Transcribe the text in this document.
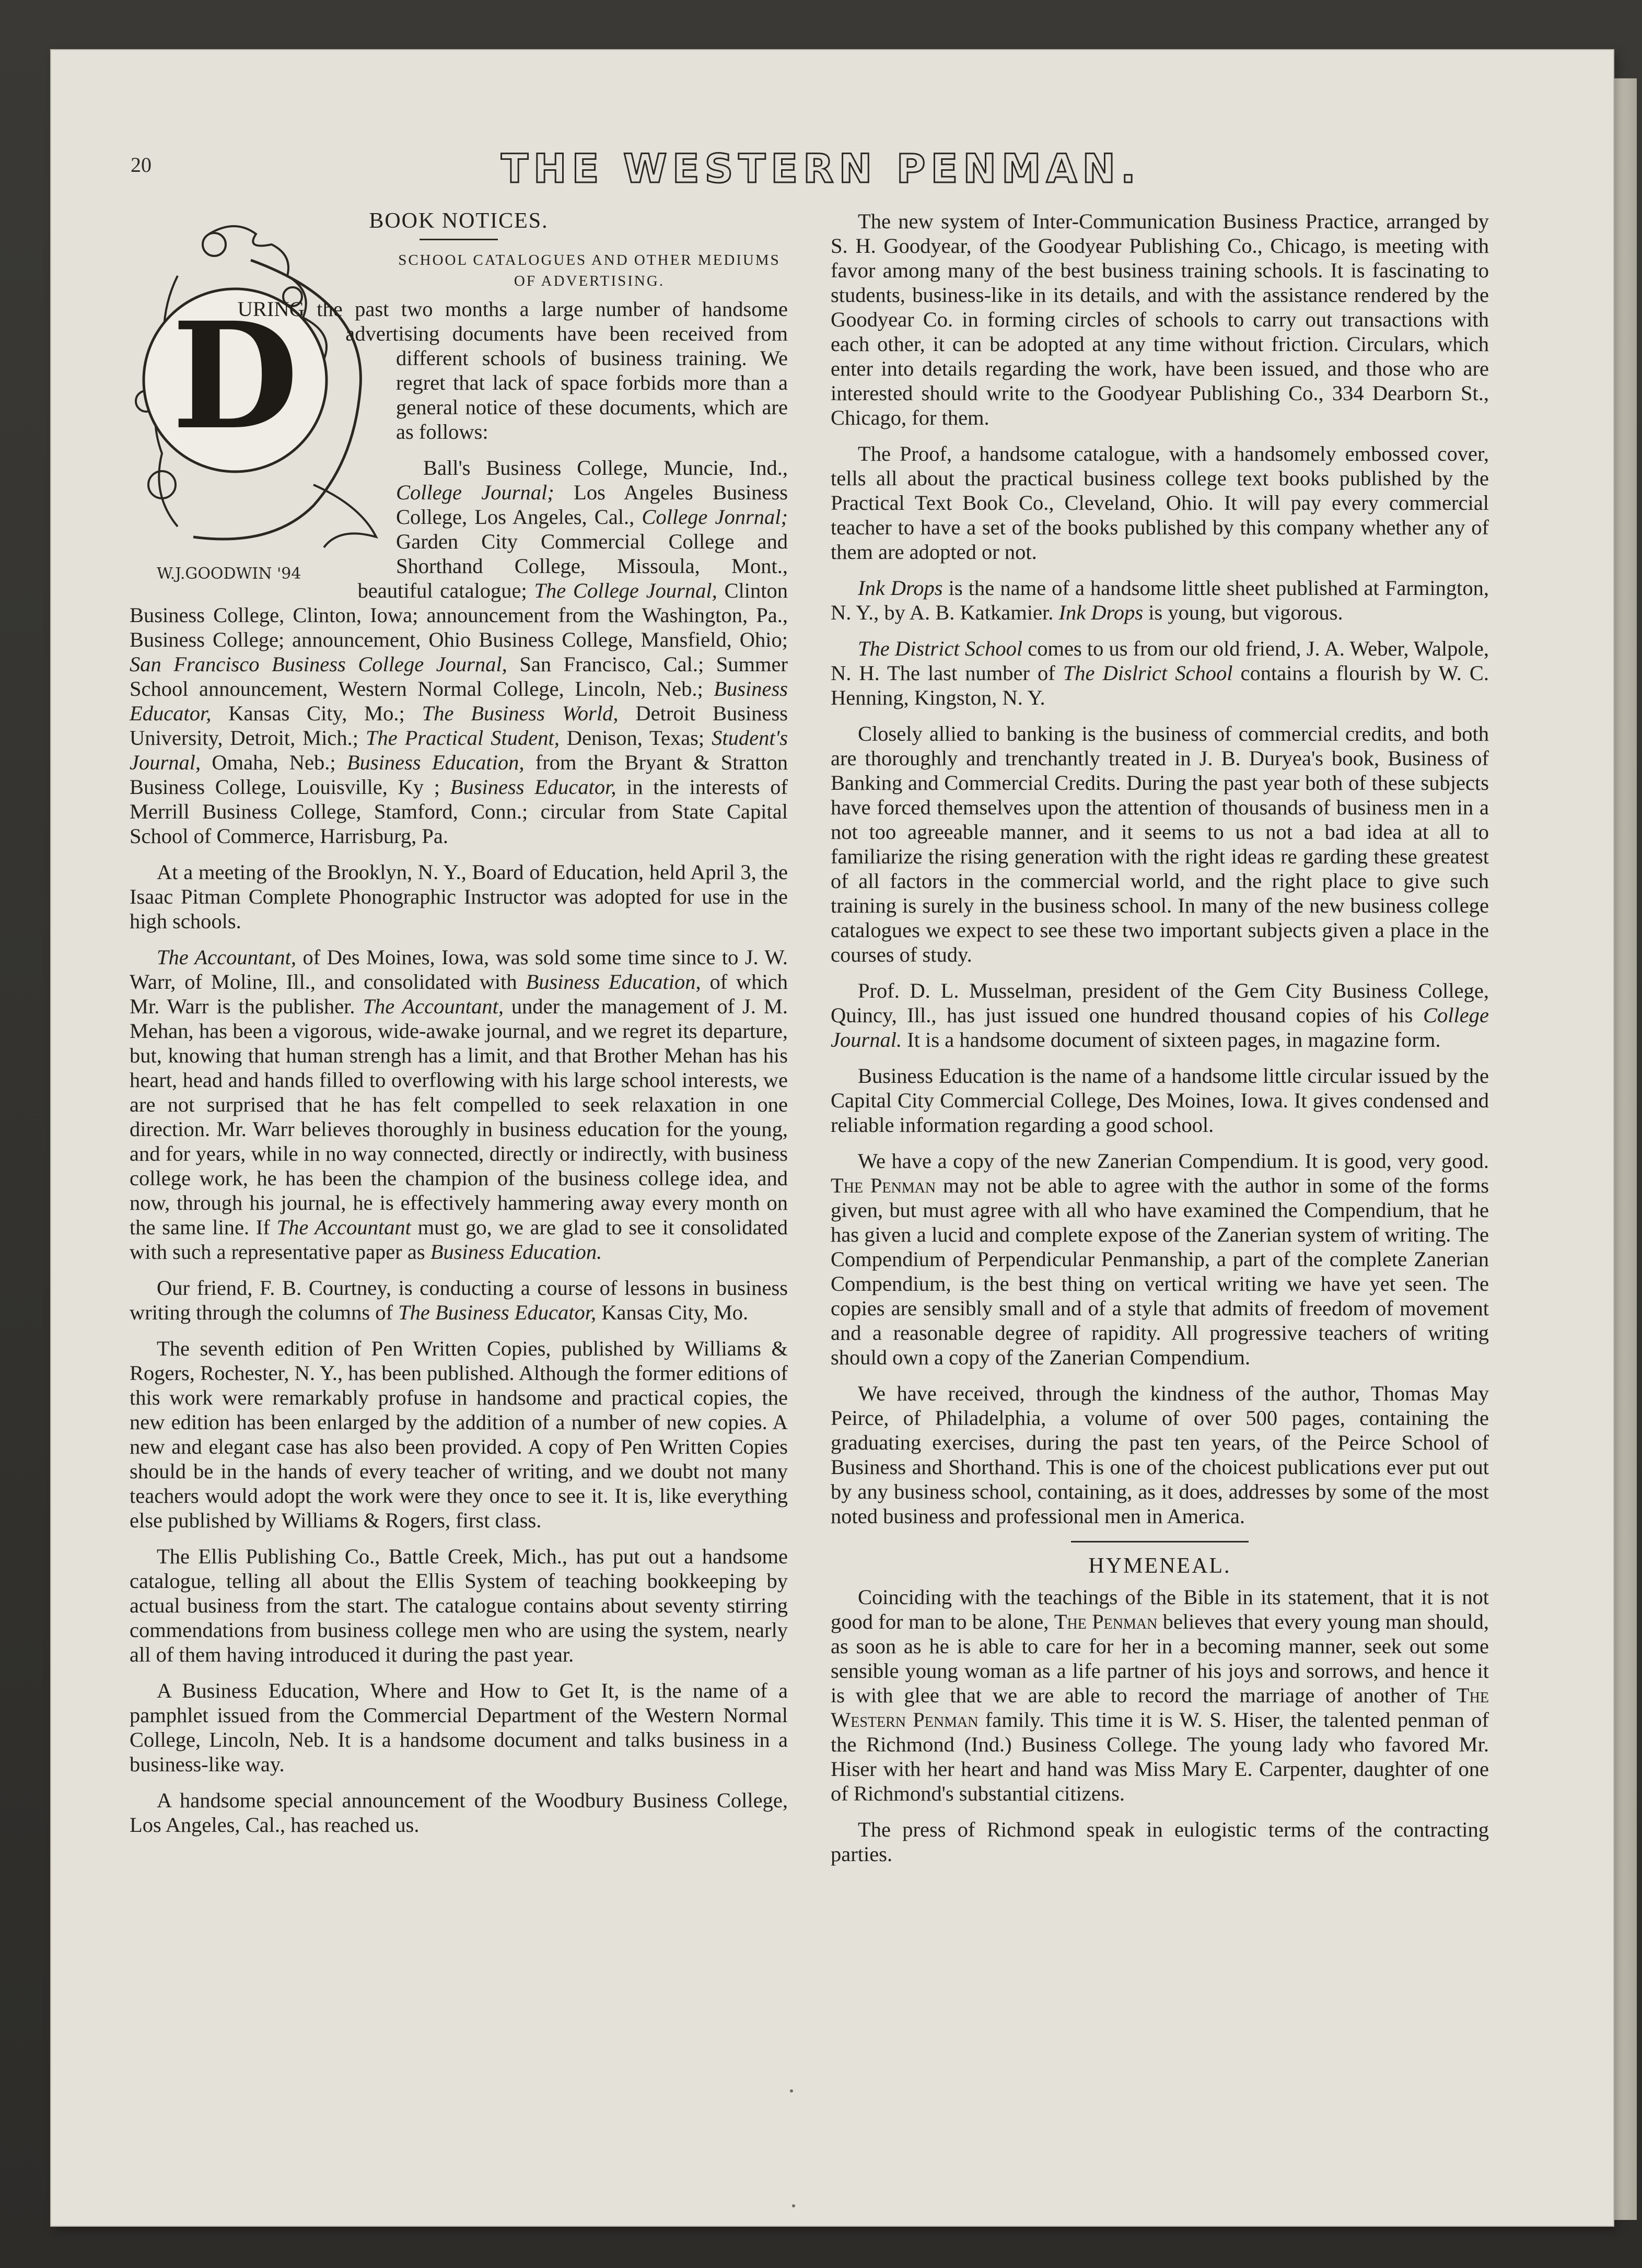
20	THE WESTERN PENMAN.
BOOK NOTICES.
SCHOOL CATALOGUES AND OTHER MEDIUMS OF ADVERTISING.
D
W.J.GOODWIN '94

URING the past two months a large number of handsome advertising documents have been received from different schools of business training. We regret that lack of space forbids more than a general notice of these documents, which are as follows:

Ball's Business College, Muncie, Ind., College Journal; Los Angeles Business College, Los Angeles, Cal., College Jonrnal; Garden City Commercial College and Shorthand College, Missoula, Mont., beautiful catalogue; The College Journal, Clinton Business College, Clinton, Iowa; announcement from the Washington, Pa., Business College; announcement, Ohio Business College, Mansfield, Ohio; San Francisco Business College Journal, San Francisco, Cal.; Summer School announcement, Western Normal College, Lincoln, Neb.; Business Educator, Kansas City, Mo.; The Business World, Detroit Business University, Detroit, Mich.; The Practical Student, Denison, Texas; Student's Journal, Omaha, Neb.; Business Education, from the Bryant & Stratton Business College, Louisville, Ky ; Business Educator, in the interests of Merrill Business College, Stamford, Conn.; circular from State Capital School of Commerce, Harrisburg, Pa.

At a meeting of the Brooklyn, N. Y., Board of Education, held April 3, the Isaac Pitman Complete Phonographic Instructor was adopted for use in the high schools.

The Accountant, of Des Moines, Iowa, was sold some time since to J. W. Warr, of Moline, Ill., and consolidated with Business Education, of which Mr. Warr is the publisher. The Accountant, under the management of J. M. Mehan, has been a vigorous, wide-awake journal, and we regret its departure, but, knowing that human strengh has a limit, and that Brother Mehan has his heart, head and hands filled to overflowing with his large school interests, we are not surprised that he has felt compelled to seek relaxation in one direction. Mr. Warr believes thoroughly in business education for the young, and for years, while in no way connected, directly or indirectly, with business college work, he has been the champion of the business college idea, and now, through his journal, he is effectively hammering away every month on the same line. If The Accountant must go, we are glad to see it consolidated with such a representative paper as Business Education.

Our friend, F. B. Courtney, is conducting a course of lessons in business writing through the columns of The Business Educator, Kansas City, Mo.

The seventh edition of Pen Written Copies, published by Williams & Rogers, Rochester, N. Y., has been published. Although the former editions of this work were remarkably profuse in handsome and practical copies, the new edition has been enlarged by the addition of a number of new copies. A new and elegant case has also been provided. A copy of Pen Written Copies should be in the hands of every teacher of writing, and we doubt not many teachers would adopt the work were they once to see it. It is, like everything else published by Williams & Rogers, first class.

The Ellis Publishing Co., Battle Creek, Mich., has put out a handsome catalogue, telling all about the Ellis System of teaching bookkeeping by actual business from the start. The catalogue contains about seventy stirring commendations from business college men who are using the system, nearly all of them having introduced it during the past year.

A Business Education, Where and How to Get It, is the name of a pamphlet issued from the Commercial Department of the Western Normal College, Lincoln, Neb. It is a handsome document and talks business in a business-like way.

A handsome special announcement of the Woodbury Business College, Los Angeles, Cal., has reached us.

The new system of Inter-Communication Business Practice, arranged by S. H. Goodyear, of the Goodyear Publishing Co., Chicago, is meeting with favor among many of the best business training schools. It is fascinating to students, business-like in its details, and with the assistance rendered by the Goodyear Co. in forming circles of schools to carry out transactions with each other, it can be adopted at any time without friction. Circulars, which enter into details regarding the work, have been issued, and those who are interested should write to the Goodyear Publishing Co., 334 Dearborn St., Chicago, for them.

The Proof, a handsome catalogue, with a handsomely embossed cover, tells all about the practical business college text books published by the Practical Text Book Co., Cleveland, Ohio. It will pay every commercial teacher to have a set of the books published by this company whether any of them are adopted or not.

Ink Drops is the name of a handsome little sheet published at Farmington, N. Y., by A. B. Katkamier. Ink Drops is young, but vigorous.

The District School comes to us from our old friend, J. A. Weber, Walpole, N. H. The last number of The Dislrict School contains a flourish by W. C. Henning, Kingston, N. Y.

Closely allied to banking is the business of commercial credits, and both are thoroughly and trenchantly treated in J. B. Duryea's book, Business of Banking and Commercial Credits. During the past year both of these subjects have forced themselves upon the attention of thousands of business men in a not too agreeable manner, and it seems to us not a bad idea at all to familiarize the rising generation with the right ideas re garding these greatest of all factors in the commercial world, and the right place to give such training is surely in the business school. In many of the new business college catalogues we expect to see these two important subjects given a place in the courses of study.

Prof. D. L. Musselman, president of the Gem City Business College, Quincy, Ill., has just issued one hundred thousand copies of his College Journal. It is a handsome document of sixteen pages, in magazine form.

Business Education is the name of a handsome little circular issued by the Capital City Commercial College, Des Moines, Iowa. It gives condensed and reliable information regarding a good school.

We have a copy of the new Zanerian Compendium. It is good, very good. The Penman may not be able to agree with the author in some of the forms given, but must agree with all who have examined the Compendium, that he has given a lucid and complete expose of the Zanerian system of writing. The Compendium of Perpendicular Penmanship, a part of the complete Zanerian Compendium, is the best thing on vertical writing we have yet seen. The copies are sensibly small and of a style that admits of freedom of movement and a reasonable degree of rapidity. All progressive teachers of writing should own a copy of the Zanerian Compendium.

We have received, through the kindness of the author, Thomas May Peirce, of Philadelphia, a volume of over 500 pages, containing the graduating exercises, during the past ten years, of the Peirce School of Business and Shorthand. This is one of the choicest publications ever put out by any business school, containing, as it does, addresses by some of the most noted business and professional men in America.

HYMENEAL.

Coinciding with the teachings of the Bible in its statement, that it is not good for man to be alone, The Penman believes that every young man should, as soon as he is able to care for her in a becoming manner, seek out some sensible young woman as a life partner of his joys and sorrows, and hence it is with glee that we are able to record the marriage of another of The Western Penman family. This time it is W. S. Hiser, the talented penman of the Richmond (Ind.) Business College. The young lady who favored Mr. Hiser with her heart and hand was Miss Mary E. Carpenter, daughter of one of Richmond's substantial citizens.

The press of Richmond speak in eulogistic terms of the contracting parties.
